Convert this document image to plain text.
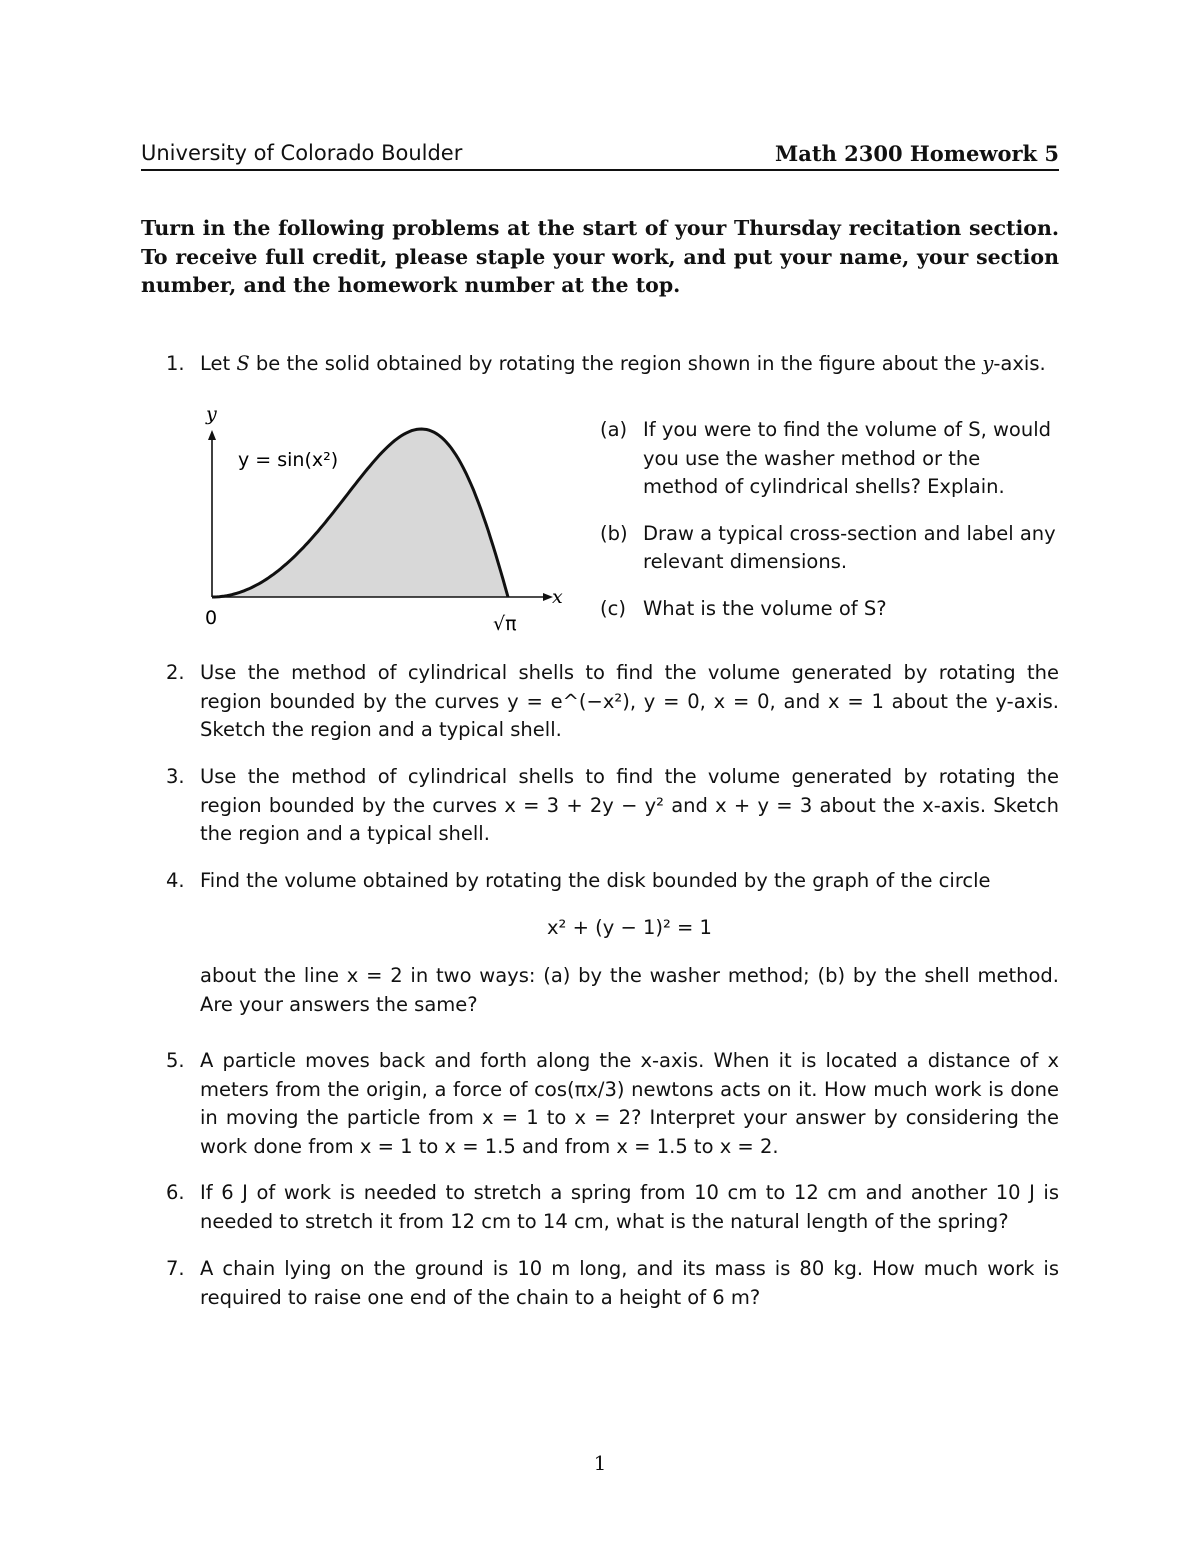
University of Colorado Boulder	Math 2300 Homework 5
Turn in the following problems at the start of your Thursday recitation section. To receive full credit, please staple your work, and put your name, your section number, and the homework number at the top.
1. Let S be the solid obtained by rotating the region shown in the figure about the y-axis.
y
x
y = sin(x²)
0	√π
(a) If you were to find the volume of S, would you use the washer method or the method of cylindrical shells? Explain.
(b) Draw a typical cross-section and label any relevant dimensions.
(c) What is the volume of S?
2. Use the method of cylindrical shells to find the volume generated by rotating the region bounded by the curves y = e^(−x²), y = 0, x = 0, and x = 1 about the y-axis. Sketch the region and a typical shell.
3. Use the method of cylindrical shells to find the volume generated by rotating the region bounded by the curves x = 3 + 2y − y² and x + y = 3 about the x-axis. Sketch the region and a typical shell.
4. Find the volume obtained by rotating the disk bounded by the graph of the circle
x² + (y − 1)² = 1
about the line x = 2 in two ways: (a) by the washer method; (b) by the shell method. Are your answers the same?
5. A particle moves back and forth along the x-axis. When it is located a distance of x meters from the origin, a force of cos(πx/3) newtons acts on it. How much work is done in moving the particle from x = 1 to x = 2? Interpret your answer by considering the work done from x = 1 to x = 1.5 and from x = 1.5 to x = 2.
6. If 6 J of work is needed to stretch a spring from 10 cm to 12 cm and another 10 J is needed to stretch it from 12 cm to 14 cm, what is the natural length of the spring?
7. A chain lying on the ground is 10 m long, and its mass is 80 kg. How much work is required to raise one end of the chain to a height of 6 m?
1
